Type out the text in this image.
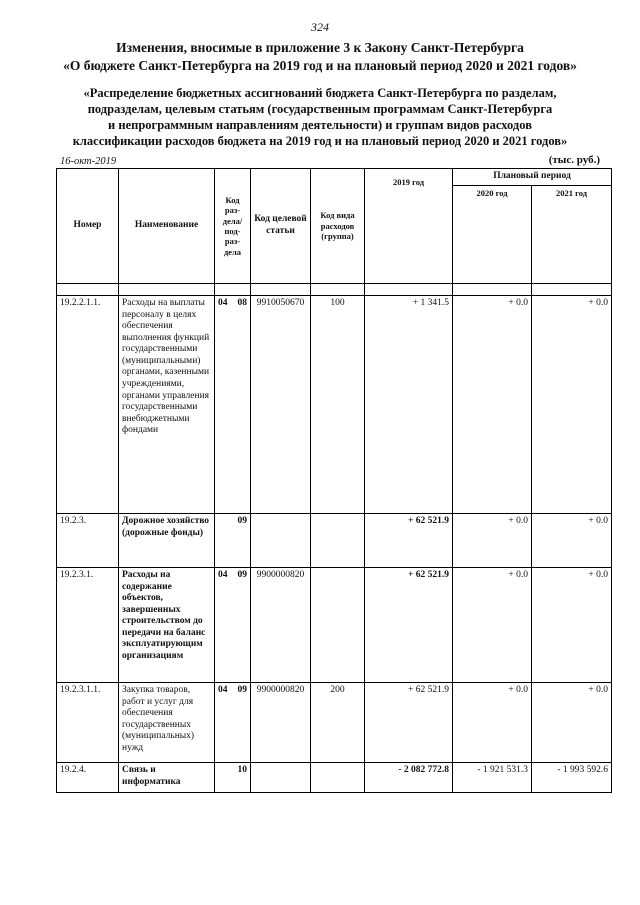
324
Изменения, вносимые в приложение 3 к Закону Санкт-Петербурга
«О бюджете Санкт-Петербурга на 2019 год и на плановый период 2020 и 2021 годов»
«Распределение бюджетных ассигнований бюджета Санкт-Петербурга по разделам,
подразделам, целевым статьям (государственным программам Санкт-Петербурга
и непрограммным направлениям деятельности) и группам видов расходов
классификации расходов бюджета на 2019 год и на плановый период 2020 и 2021 годов»
16-окт-2019	(тыс. руб.)
Номер	Наименование	Код раз-дела/ под-раз-дела	Код целевой статьи	Код вида расходов (группа)	2019 год	Плановый период	
						2020 год	2021 год

19.2.2.1.1.	Расходы на выплаты персоналу в целях обеспечения выполнения функций государственными (муниципальными) органами, казенными учреждениями, органами управления государственными внебюджетными фондами	04 08	9910050670	100	+ 1 341.5	+ 0.0	+ 0.0
19.2.3.	Дорожное хозяйство (дорожные фонды)	09			+ 62 521.9	+ 0.0	+ 0.0
19.2.3.1.	Расходы на содержание объектов, завершенных строительством до передачи на баланс эксплуатирующим организациям	04 09	9900000820		+ 62 521.9	+ 0.0	+ 0.0
19.2.3.1.1.	Закупка товаров, работ и услуг для обеспечения государственных (муниципальных) нужд	04 09	9900000820	200	+ 62 521.9	+ 0.0	+ 0.0
19.2.4.	Связь и информатика	10			- 2 082 772.8	- 1 921 531.3	- 1 993 592.6
